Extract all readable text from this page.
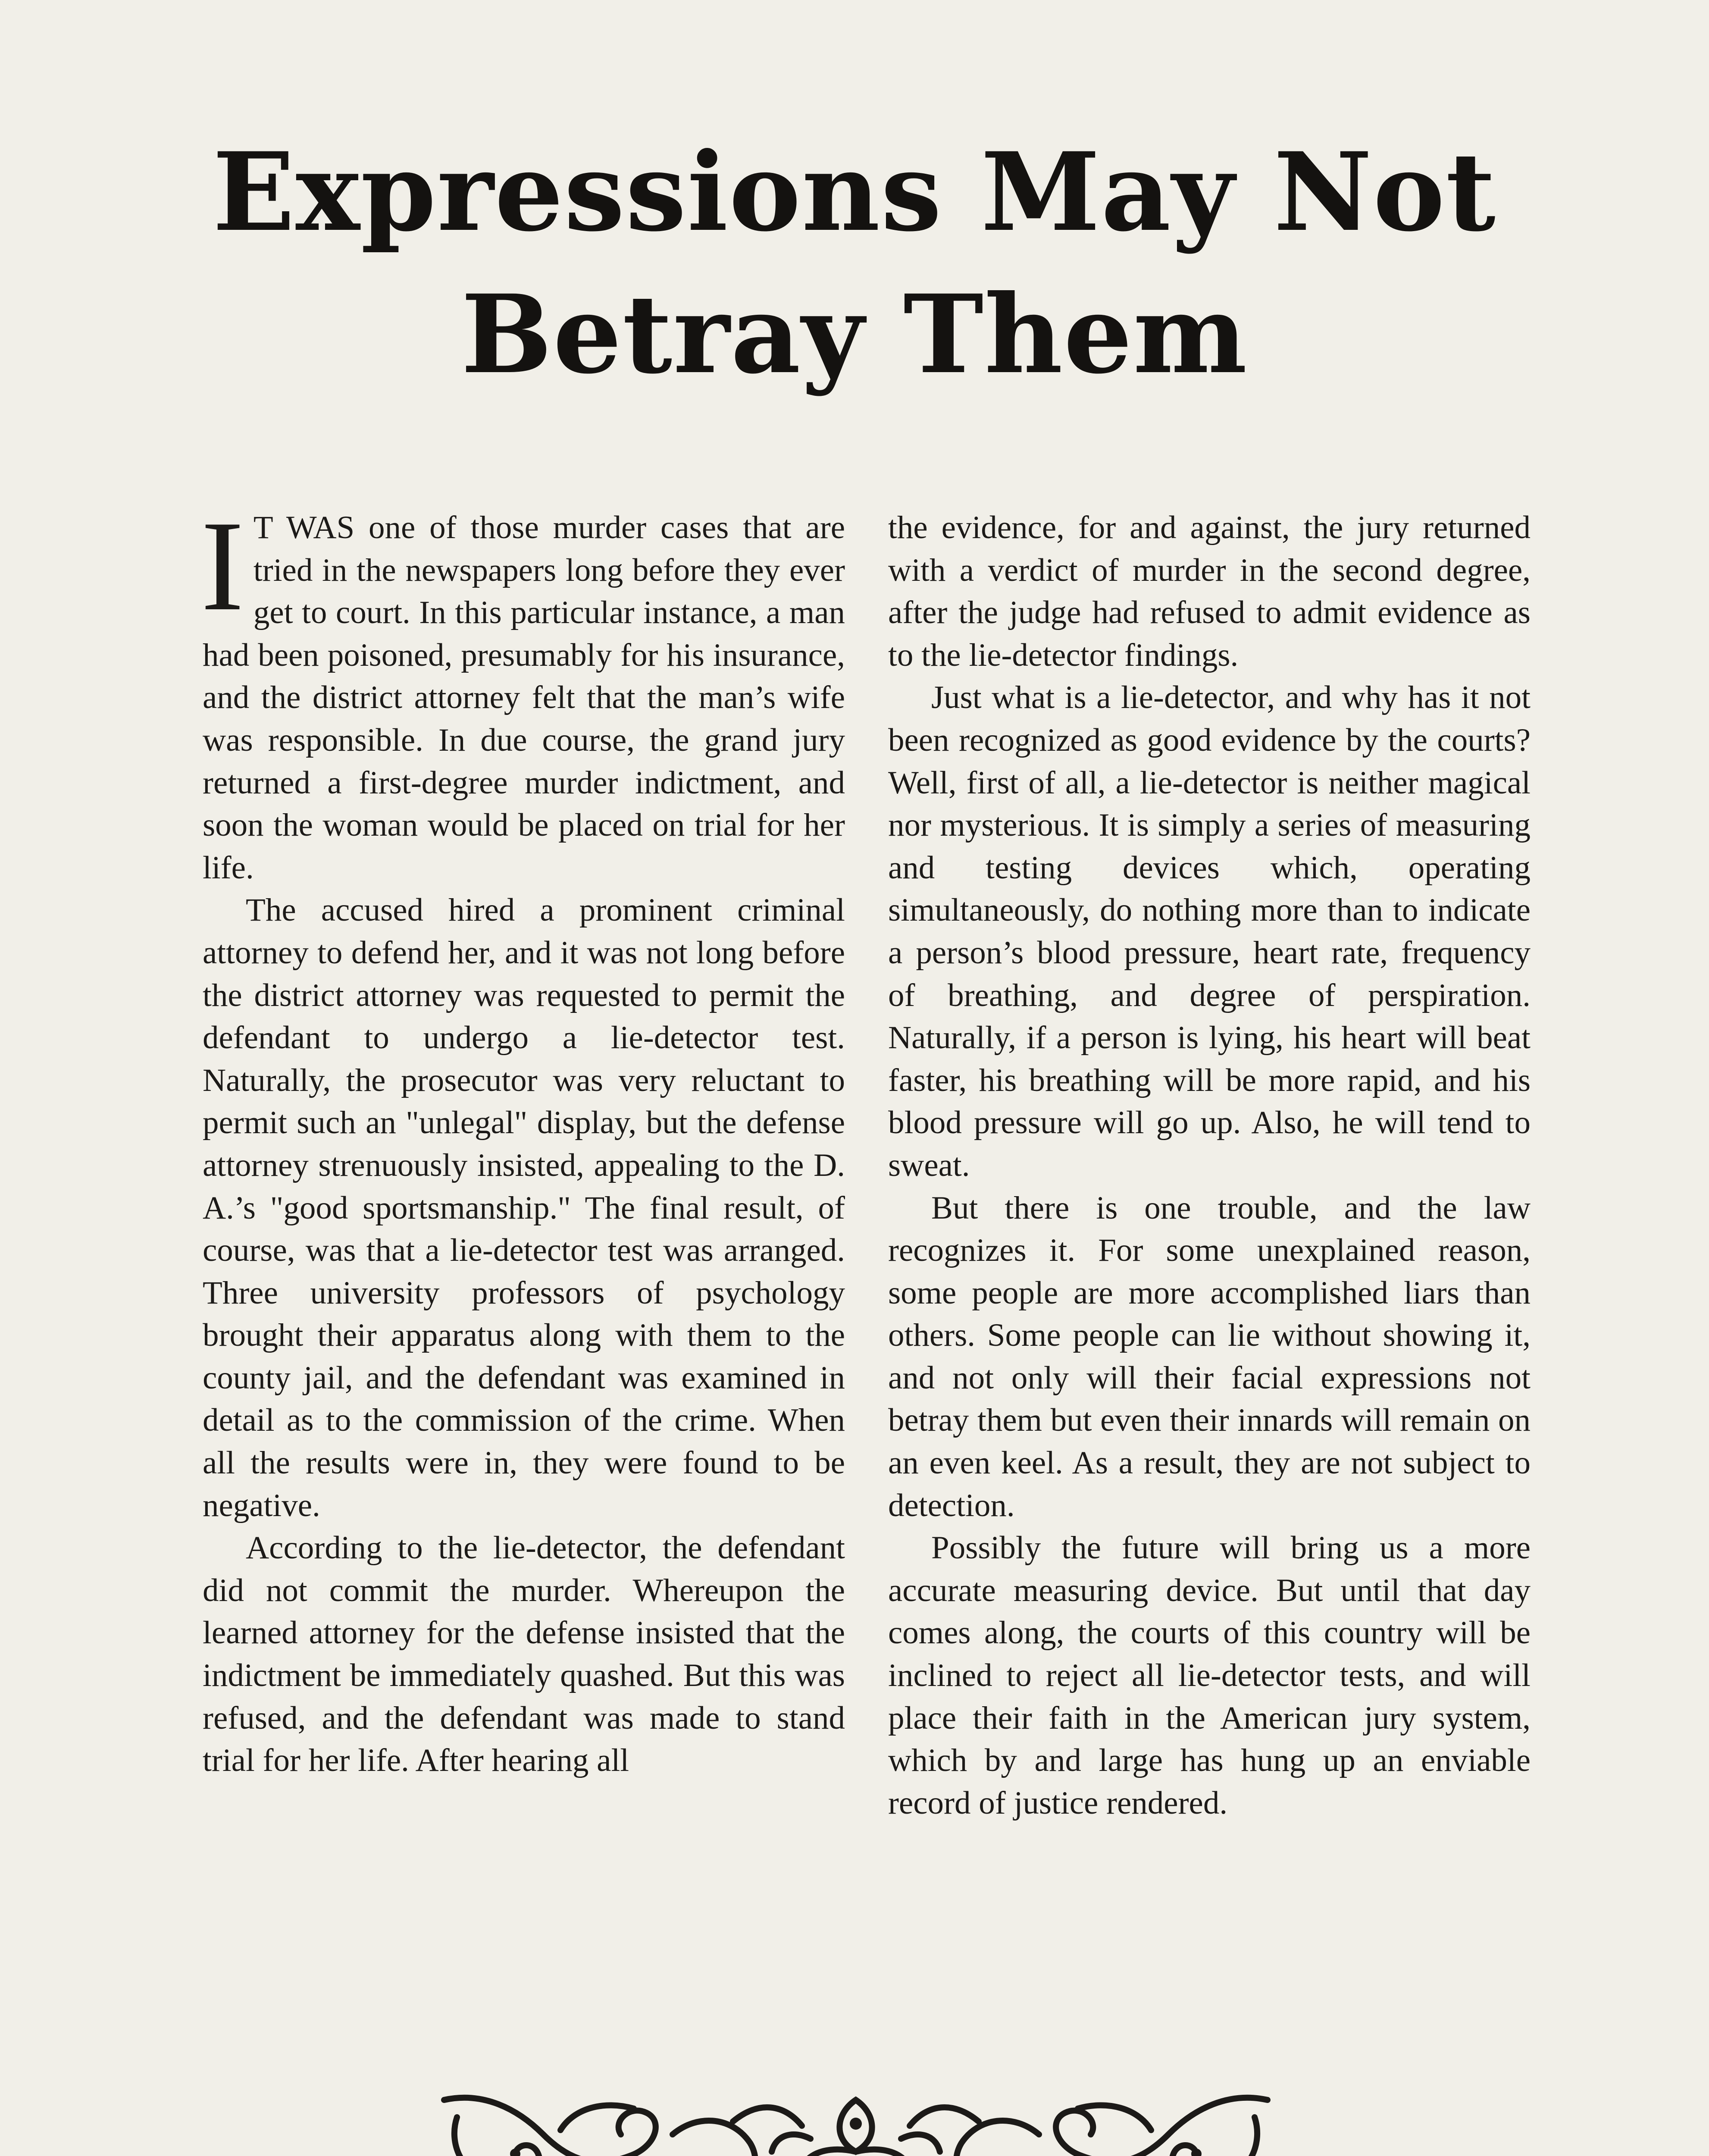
Expressions May Not
Betray Them

I T WAS one of those murder cases that are tried in the newspapers long before they ever get to court. In this particular instance, a man had been poisoned, presumably for his insurance, and the district attorney felt that the man’s wife was responsible. In due course, the grand jury returned a first-degree murder indictment, and soon the woman would be placed on trial for her life.

The accused hired a prominent criminal attorney to defend her, and it was not long before the district attorney was requested to permit the defendant to undergo a lie-detector test. Naturally, the prosecutor was very reluctant to permit such an "unlegal" display, but the defense attorney strenuously insisted, appealing to the D. A.’s "good sportsmanship." The final result, of course, was that a lie-detector test was arranged. Three university professors of psychology brought their apparatus along with them to the county jail, and the defendant was examined in detail as to the commission of the crime. When all the results were in, they were found to be negative.

According to the lie-detector, the defendant did not commit the murder. Whereupon the learned attorney for the defense insisted that the indictment be immediately quashed. But this was refused, and the defendant was made to stand trial for her life. After hearing all

the evidence, for and against, the jury returned with a verdict of murder in the second degree, after the judge had refused to admit evidence as to the lie-detector findings.

Just what is a lie-detector, and why has it not been recognized as good evidence by the courts? Well, first of all, a lie-detector is neither magical nor mysterious. It is simply a series of measuring and testing devices which, operating simultaneously, do nothing more than to indicate a person’s blood pressure, heart rate, frequency of breathing, and degree of perspiration. Naturally, if a person is lying, his heart will beat faster, his breathing will be more rapid, and his blood pressure will go up. Also, he will tend to sweat.

But there is one trouble, and the law recognizes it. For some unexplained reason, some people are more accomplished liars than others. Some people can lie without showing it, and not only will their facial expressions not betray them but even their innards will remain on an even keel. As a result, they are not subject to detection.

Possibly the future will bring us a more accurate measuring device. But until that day comes along, the courts of this country will be inclined to reject all lie-detector tests, and will place their faith in the American jury system, which by and large has hung up an enviable record of justice rendered.
